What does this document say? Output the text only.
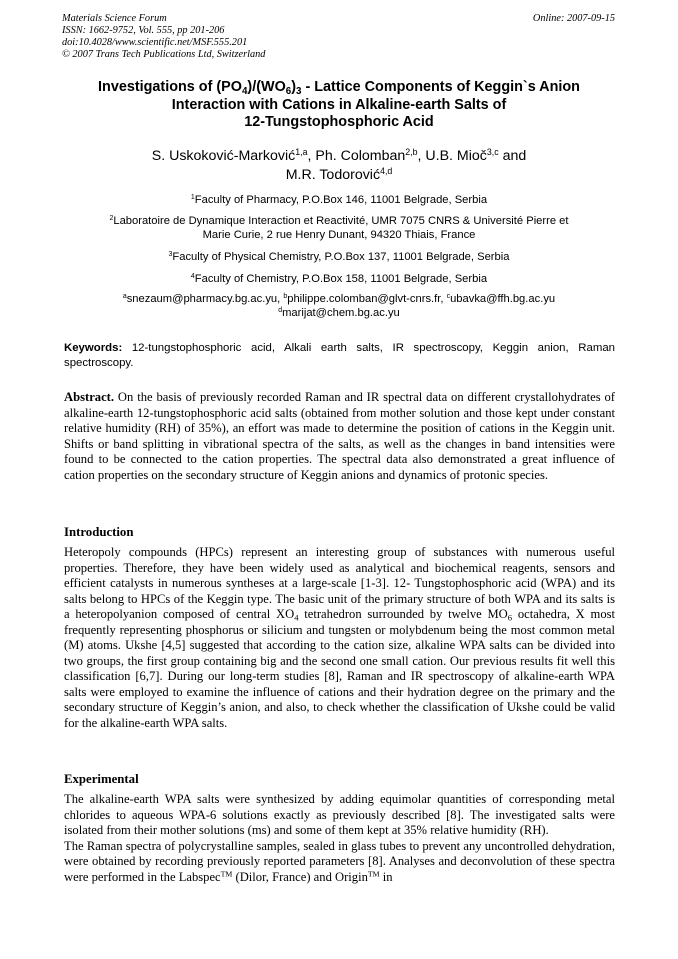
Materials Science Forum
ISSN: 1662-9752, Vol. 555, pp 201-206
doi:10.4028/www.scientific.net/MSF.555.201
© 2007 Trans Tech Publications Ltd, Switzerland
Online: 2007-09-15
Investigations of $(PO_4)/(WO_6)_3$ - Lattice Components of Keggin`s Anion
Interaction with Cations in Alkaline-earth Salts of
12-Tungstophosphoric Acid
S. Uskoković-Marković$^{1,a}$, Ph. Colomban$^{2,b}$, U.B. Mioč$^{3,c}$ and
M.R. Todorović$^{4,d}$
$^1$Faculty of Pharmacy, P.O.Box 146, 11001 Belgrade, Serbia
$^2$Laboratoire de Dynamique Interaction et Reactivité, UMR 7075 CNRS & Université Pierre et
Marie Curie, 2 rue Henry Dunant, 94320 Thiais, France
$^3$Faculty of Physical Chemistry, P.O.Box 137, 11001 Belgrade, Serbia
$^4$Faculty of Chemistry, P.O.Box 158, 11001 Belgrade, Serbia
$^a$snezaum@pharmacy.bg.ac.yu, $^b$philippe.colomban@glvt-cnrs.fr, $^c$ubavka@ffh.bg.ac.yu
$^d$marijat@chem.bg.ac.yu
Keywords: 12-tungstophosphoric acid, Alkali earth salts, IR spectroscopy, Keggin anion, Raman spectroscopy.

Abstract. On the basis of previously recorded Raman and IR spectral data on different crystallohydrates of alkaline-earth 12-tungstophosphoric acid salts (obtained from mother solution and those kept under constant relative humidity (RH) of 35%), an effort was made to determine the position of cations in the Keggin unit. Shifts or band splitting in vibrational spectra of the salts, as well as the changes in band intensities were found to be connected to the cation properties. The spectral data also demonstrated a great influence of cation properties on the secondary structure of Keggin anions and dynamics of protonic species.

Introduction

Heteropoly compounds (HPCs) represent an interesting group of substances with numerous useful properties. Therefore, they have been widely used as analytical and biochemical reagents, sensors and efficient catalysts in numerous syntheses at a large-scale [1-3]. 12- Tungstophosphoric acid (WPA) and its salts belong to HPCs of the Keggin type. The basic unit of the primary structure of both WPA and its salts is a heteropolyanion composed of central $XO_4$ tetrahedron surrounded by twelve $MO_6$ octahedra, X most frequently representing phosphorus or silicium and tungsten or molybdenum being the most common metal (M) atoms. Ukshe [4,5] suggested that according to the cation size, alkaline WPA salts can be divided into two groups, the first group containing big and the second one small cation. Our previous results fit well this classification [6,7]. During our long-term studies [8], Raman and IR spectroscopy of alkaline-earth WPA salts were employed to examine the influence of cations and their hydration degree on the primary and the secondary structure of Keggin’s anion, and also, to check whether the classification of Ukshe could be valid for the alkaline-earth WPA salts.

Experimental

The alkaline-earth WPA salts were synthesized by adding equimolar quantities of corresponding metal chlorides to aqueous WPA-6 solutions exactly as previously described [8]. The investigated salts were isolated from their mother solutions (ms) and some of them kept at 35% relative humidity (RH).

The Raman spectra of polycrystalline samples, sealed in glass tubes to prevent any uncontrolled dehydration, were obtained by recording previously reported parameters [8]. Analyses and deconvolution of these spectra were performed in the Labspec™ (Dilor, France) and Origin™ in
